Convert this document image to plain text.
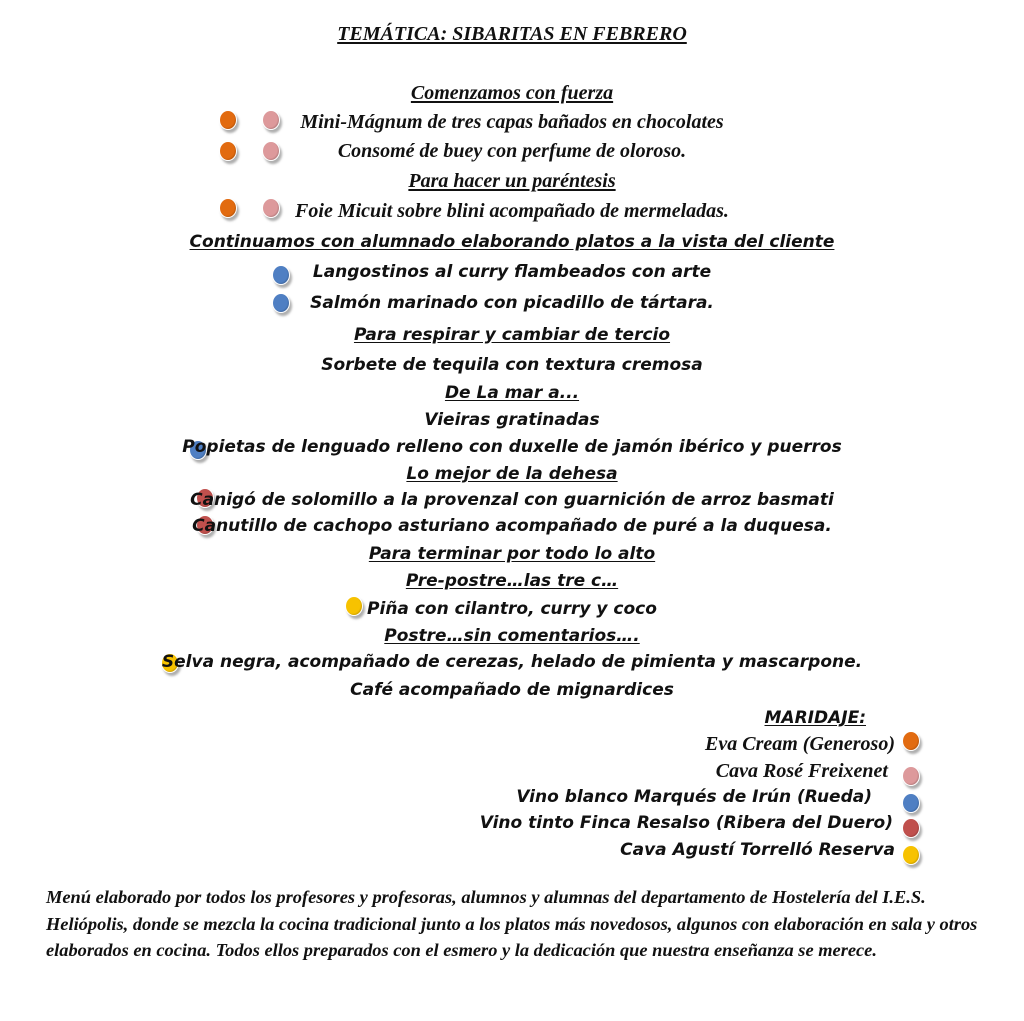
TEMÁTICA: SIBARITAS EN FEBRERO
Comenzamos con fuerza
Mini-Mágnum de tres capas bañados en chocolates
Consomé de buey con perfume de oloroso.
Para hacer un paréntesis
Foie Micuit sobre blini acompañado de mermeladas.
Continuamos con alumnado elaborando platos a la vista del cliente
Langostinos al curry flambeados con arte
Salmón marinado con picadillo de tártara.
Para respirar y cambiar de tercio
Sorbete de tequila con textura cremosa
De La mar a...
Vieiras gratinadas
Popietas de lenguado relleno con duxelle de jamón ibérico y puerros
Lo mejor de la dehesa
Canigó de solomillo a la provenzal con guarnición de arroz basmati
Canutillo de cachopo asturiano acompañado de puré a la duquesa.
Para terminar por todo lo alto
Pre-postre…las tre c…
Piña con cilantro, curry y coco
Postre…sin comentarios….
Selva negra, acompañado de cerezas, helado de pimienta y mascarpone.
Café acompañado de mignardices
MARIDAJE:
Eva Cream (Generoso)
Cava Rosé Freixenet
Vino blanco Marqués de Irún (Rueda)
Vino tinto Finca Resalso (Ribera del Duero)
Cava Agustí Torrelló Reserva
Menú elaborado por todos los profesores y profesoras, alumnos y alumnas del departamento de Hostelería del I.E.S. Heliópolis, donde se mezcla la cocina tradicional junto a los platos más novedosos, algunos con elaboración en sala y otros elaborados en cocina. Todos ellos preparados con el esmero y la dedicación que nuestra enseñanza se merece.
